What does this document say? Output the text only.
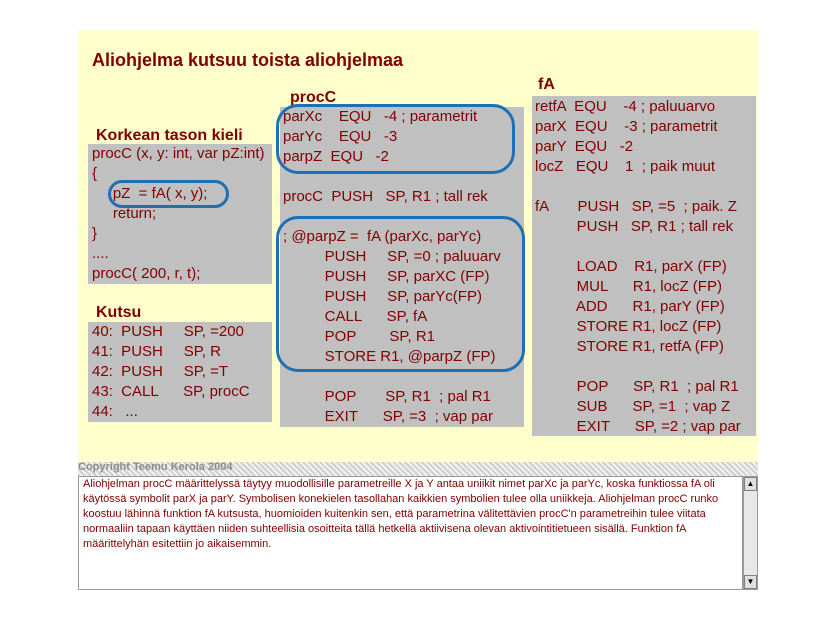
Aliohjelma kutsuu toista aliohjelmaa
Korkean tason kieli
procC (x, y: int, var pZ:int)
{
pZ  = fA( x, y);
return;
}
....
procC( 200, r, t);
Kutsu
40:  PUSH     SP, =200
41:  PUSH     SP, R
42:  PUSH     SP, =T
43:  CALL      SP, procC
44:   ...
procC
parXc    EQU   -4 ; parametrit
parYc    EQU   -3
parpZ  EQU   -2
procC  PUSH   SP, R1 ; tall rek
; @parpZ =  fA (parXc, parYc)
PUSH     SP, =0 ; paluuarv
PUSH     SP, parXC (FP)
PUSH     SP, parYc(FP)
CALL      SP, fA
POP        SP, R1
STORE R1, @parpZ (FP)
POP       SP, R1  ; pal R1
EXIT      SP, =3  ; vap par
fA
retfA  EQU    -4 ; paluuarvo
parX  EQU    -3 ; parametrit
parY  EQU   -2
locZ   EQU    1  ; paik muut
fA       PUSH   SP, =5  ; paik. Z
PUSH   SP, R1 ; tall rek
LOAD    R1, parX (FP)
MUL      R1, locZ (FP)
ADD      R1, parY (FP)
STORE R1, locZ (FP)
STORE R1, retfA (FP)
POP      SP, R1  ; pal R1
SUB      SP, =1  ; vap Z
EXIT      SP, =2 ; vap par
Copyright Teemu Kerola 2004
Aliohjelman procC määrittelyssä täytyy muodollisille parametreille X ja Y antaa uniikit nimet parXc ja parYc, koska funktiossa fA oli käytössä symbolit parX ja parY. Symbolisen konekielen tasollahan kaikkien symbolien tulee olla uniikkeja. Aliohjelman procC runko koostuu lähinnä funktion fA kutsusta, huomioiden kuitenkin sen, että parametrina välitettävien procC'n parametreihin tulee viitata normaaliin tapaan käyttäen niiden suhteellisia osoitteita tällä hetkellä aktiivisena olevan aktivointitietueen sisällä. Funktion fA määrittelyhän esitettiin jo aikaisemmin.
▲
▼
